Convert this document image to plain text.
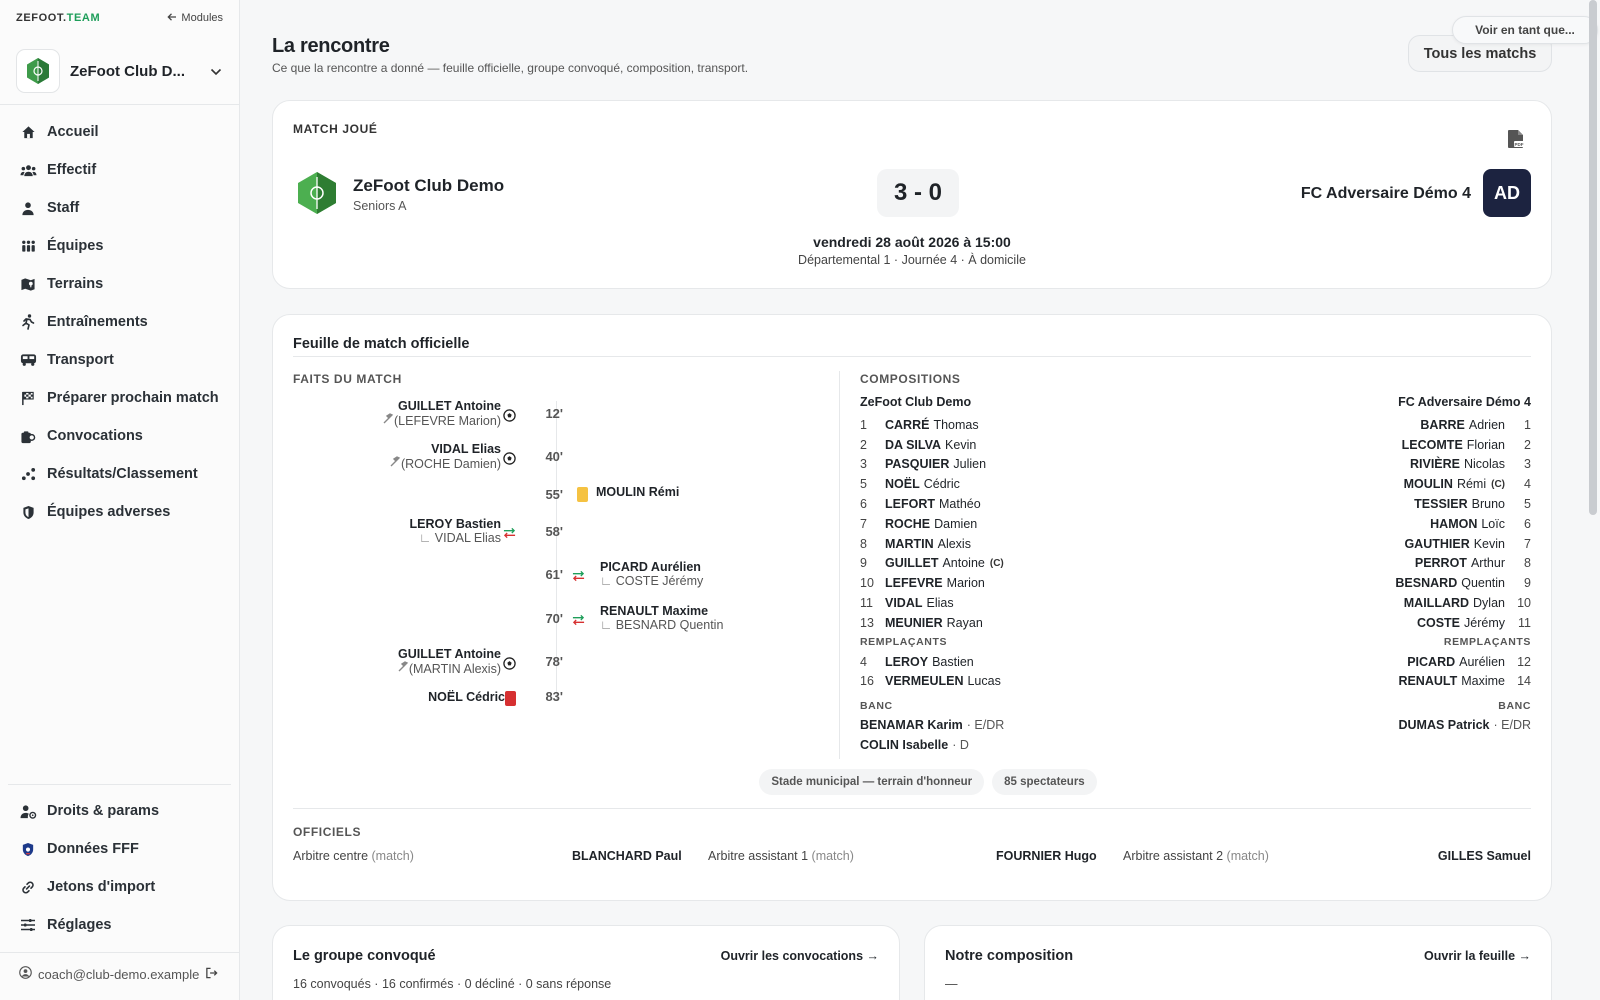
ZEFOOT.TEAM	Modules
ZeFoot Club D...
Accueil
Effectif
Staff
Équipes
Terrains
Entraînements
Transport
Préparer prochain match
Convocations
Résultats/Classement
Équipes adverses
Droits & params
Données FFF
Jetons d'import
Réglages
coach@club-demo.example
La rencontre
Ce que la rencontre a donné — feuille officielle, groupe convoqué, composition, transport.
Tous les matchs
Voir en tant que...
MATCH JOUÉ
PDF
ZeFoot Club Demo
Seniors A	3 - 0	FC Adversaire Démo 4	AD
vendredi 28 août 2026 à 15:00
Départemental 1 · Journée 4 · À domicile
Feuille de match officielle
FAITS DU MATCH
GUILLET Antoine
(LEFEVRE Marion)	12'
VIDAL Elias
(ROCHE Damien)	40'
55'	MOULIN Rémi
LEROY Bastien
∟ VIDAL Elias	58'
61'	PICARD Aurélien
∟ COSTE Jérémy
70'	RENAULT Maxime
∟ BESNARD Quentin
GUILLET Antoine
(MARTIN Alexis)	78'
NOËL Cédric	83'
COMPOSITIONS
ZeFoot Club Demo
1	CARRÉ Thomas
2	DA SILVA Kevin
3	PASQUIER Julien
5	NOËL Cédric
6	LEFORT Mathéo
7	ROCHE Damien
8	MARTIN Alexis
9	GUILLET Antoine (C)
10 LEFEVRE Marion
11 VIDAL Elias
13 MEUNIER Rayan
REMPLAÇANTS
4	LEROY Bastien
16 VERMEULEN Lucas
BANC
BENAMAR Karim · E/DR
COLIN Isabelle · D
FC Adversaire Démo 4
BARRE Adrien	1
LECOMTE Florian	2
RIVIÈRE Nicolas	3
MOULIN Rémi (C)	4
TESSIER Bruno	5
HAMON Loïc	6
GAUTHIER Kevin	7
PERROT Arthur	8
BESNARD Quentin	9
MAILLARD Dylan 10
COSTE Jérémy	11
REMPLAÇANTS
PICARD Aurélien 12
RENAULT Maxime 14
BANC
DUMAS Patrick · E/DR
Stade municipal — terrain d'honneur	85 spectateurs
OFFICIELS
Arbitre centre (match)	BLANCHARD Paul Arbitre assistant 1 (match)	FOURNIER Hugo Arbitre assistant 2 (match)	GILLES Samuel
Le groupe convoqué	Ouvrir les convocations →
16 convoqués · 16 confirmés · 0 décliné · 0 sans réponse
Notre composition	Ouvrir la feuille →
—
